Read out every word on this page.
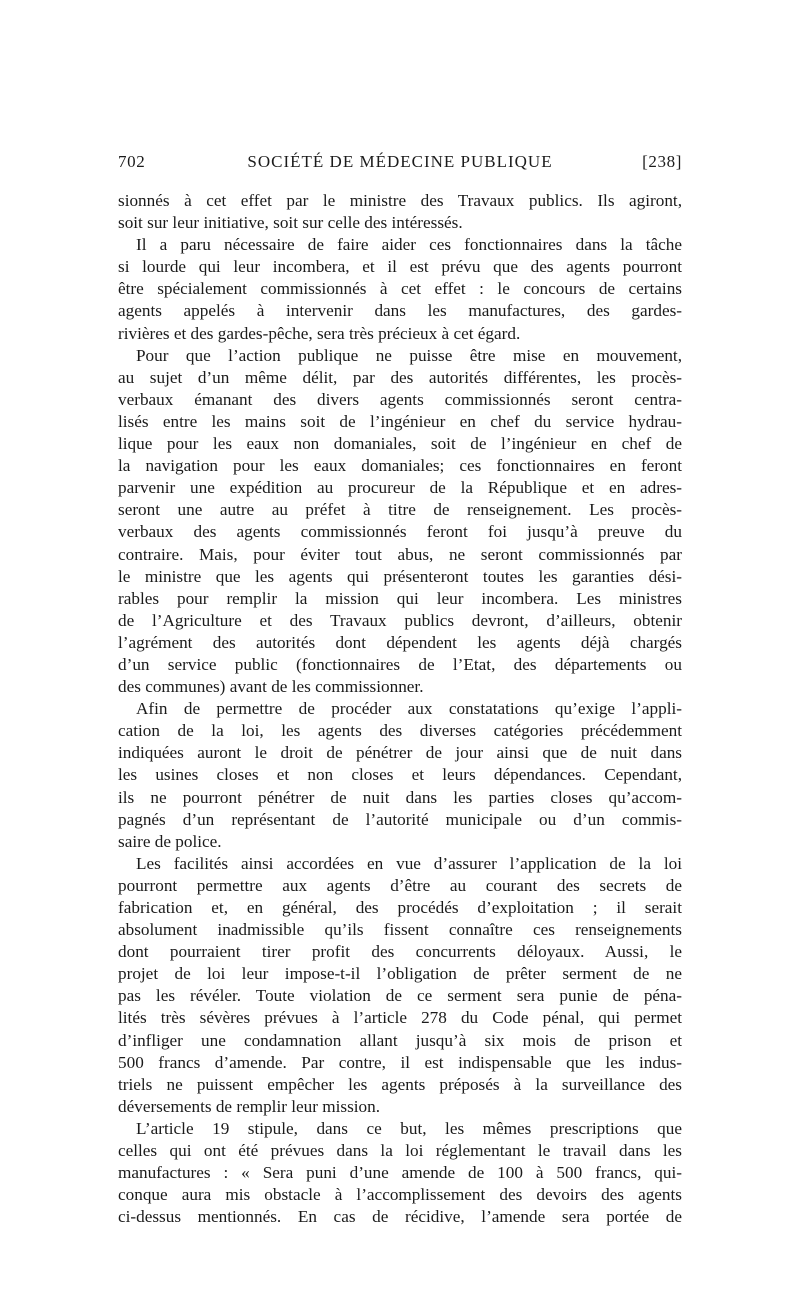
702	SOCIÉTÉ DE MÉDECINE PUBLIQUE	[238]
sionnés à cet effet par le ministre des Travaux publics. Ils agiront,
soit sur leur initiative, soit sur celle des intéressés.
Il a paru nécessaire de faire aider ces fonctionnaires dans la tâche
si lourde qui leur incombera, et il est prévu que des agents pourront
être spécialement commissionnés à cet effet : le concours de certains
agents appelés à intervenir dans les manufactures, des gardes-
rivières et des gardes-pêche, sera très précieux à cet égard.
Pour que l’action publique ne puisse être mise en mouvement,
au sujet d’un même délit, par des autorités différentes, les procès-
verbaux émanant des divers agents commissionnés seront centra-
lisés entre les mains soit de l’ingénieur en chef du service hydrau-
lique pour les eaux non domaniales, soit de l’ingénieur en chef de
la navigation pour les eaux domaniales; ces fonctionnaires en feront
parvenir une expédition au procureur de la République et en adres-
seront une autre au préfet à titre de renseignement. Les procès-
verbaux des agents commissionnés feront foi jusqu’à preuve du
contraire. Mais, pour éviter tout abus, ne seront commissionnés par
le ministre que les agents qui présenteront toutes les garanties dési-
rables pour remplir la mission qui leur incombera. Les ministres
de l’Agriculture et des Travaux publics devront, d’ailleurs, obtenir
l’agrément des autorités dont dépendent les agents déjà chargés
d’un service public (fonctionnaires de l’Etat, des départements ou
des communes) avant de les commissionner.
Afin de permettre de procéder aux constatations qu’exige l’appli-
cation de la loi, les agents des diverses catégories précédemment
indiquées auront le droit de pénétrer de jour ainsi que de nuit dans
les usines closes et non closes et leurs dépendances. Cependant,
ils ne pourront pénétrer de nuit dans les parties closes qu’accom-
pagnés d’un représentant de l’autorité municipale ou d’un commis-
saire de police.
Les facilités ainsi accordées en vue d’assurer l’application de la loi
pourront permettre aux agents d’être au courant des secrets de
fabrication et, en général, des procédés d’exploitation ; il serait
absolument inadmissible qu’ils fissent connaître ces renseignements
dont pourraient tirer profit des concurrents déloyaux. Aussi, le
projet de loi leur impose-t-il l’obligation de prêter serment de ne
pas les révéler. Toute violation de ce serment sera punie de péna-
lités très sévères prévues à l’article 278 du Code pénal, qui permet
d’infliger une condamnation allant jusqu’à six mois de prison et
500 francs d’amende. Par contre, il est indispensable que les indus-
triels ne puissent empêcher les agents préposés à la surveillance des
déversements de remplir leur mission.
L’article 19 stipule, dans ce but, les mêmes prescriptions que
celles qui ont été prévues dans la loi réglementant le travail dans les
manufactures : « Sera puni d’une amende de 100 à 500 francs, qui-
conque aura mis obstacle à l’accomplissement des devoirs des agents
ci-dessus mentionnés. En cas de récidive, l’amende sera portée de
